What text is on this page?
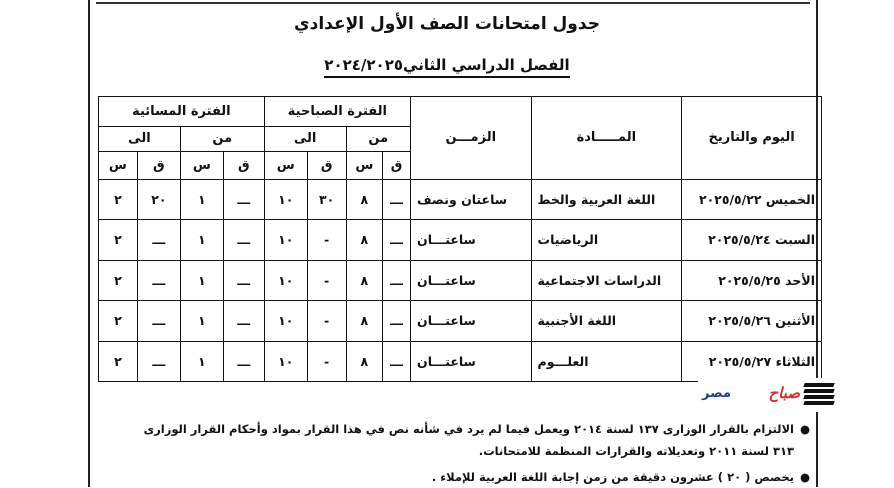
جدول امتحانات الصف الأول الإعدادي
الفصل الدراسي الثاني٢٠٢٤/٢٠٢٥
اليوم والتاريخ	المـــــادة	الزمـــن	الفترة الصباحية				الفترة المسائية			
			من		الى		من		الى	
			ق	س	ق	س	ق	س	ق	س
الخميس ٢٠٢٥/٥/٢٢	اللغة العربية والخط	ساعتان ونصف	ـــ	٨	٣٠	١٠	ـــ	١	٢٠	٢
السبت ٢٠٢٥/٥/٢٤	الرياضيات	ساعتـــان	ـــ	٨	-	١٠	ـــ	١	ـــ	٢
الأحد ٢٠٢٥/٥/٢٥	الدراسات الاجتماعية	ساعتـــان	ـــ	٨	-	١٠	ـــ	١	ـــ	٢
الأثنين ٢٠٢٥/٥/٢٦	اللغة الأجنبية	ساعتـــان	ـــ	٨	-	١٠	ـــ	١	ـــ	٢
الثلاثاء ٢٠٢٥/٥/٢٧	العلـــوم	ساعتـــان	ـــ	٨	-	١٠	ـــ	١	ـــ	٢
صباح
مصر
●
الالتزام بالقرار الوزارى ١٣٧ لسنة ٢٠١٤ ويعمل فيما لم يرد في شأنه نص في هذا القرار بمواد وأحكام القرار الوزارى ٣١٣ لسنة ٢٠١١ وتعديلاته والقرارات المنظمة للامتحانات.
●
يخصص ( ٢٠ ) عشرون دقيقة من زمن إجابة اللغة العربية للإملاء .
